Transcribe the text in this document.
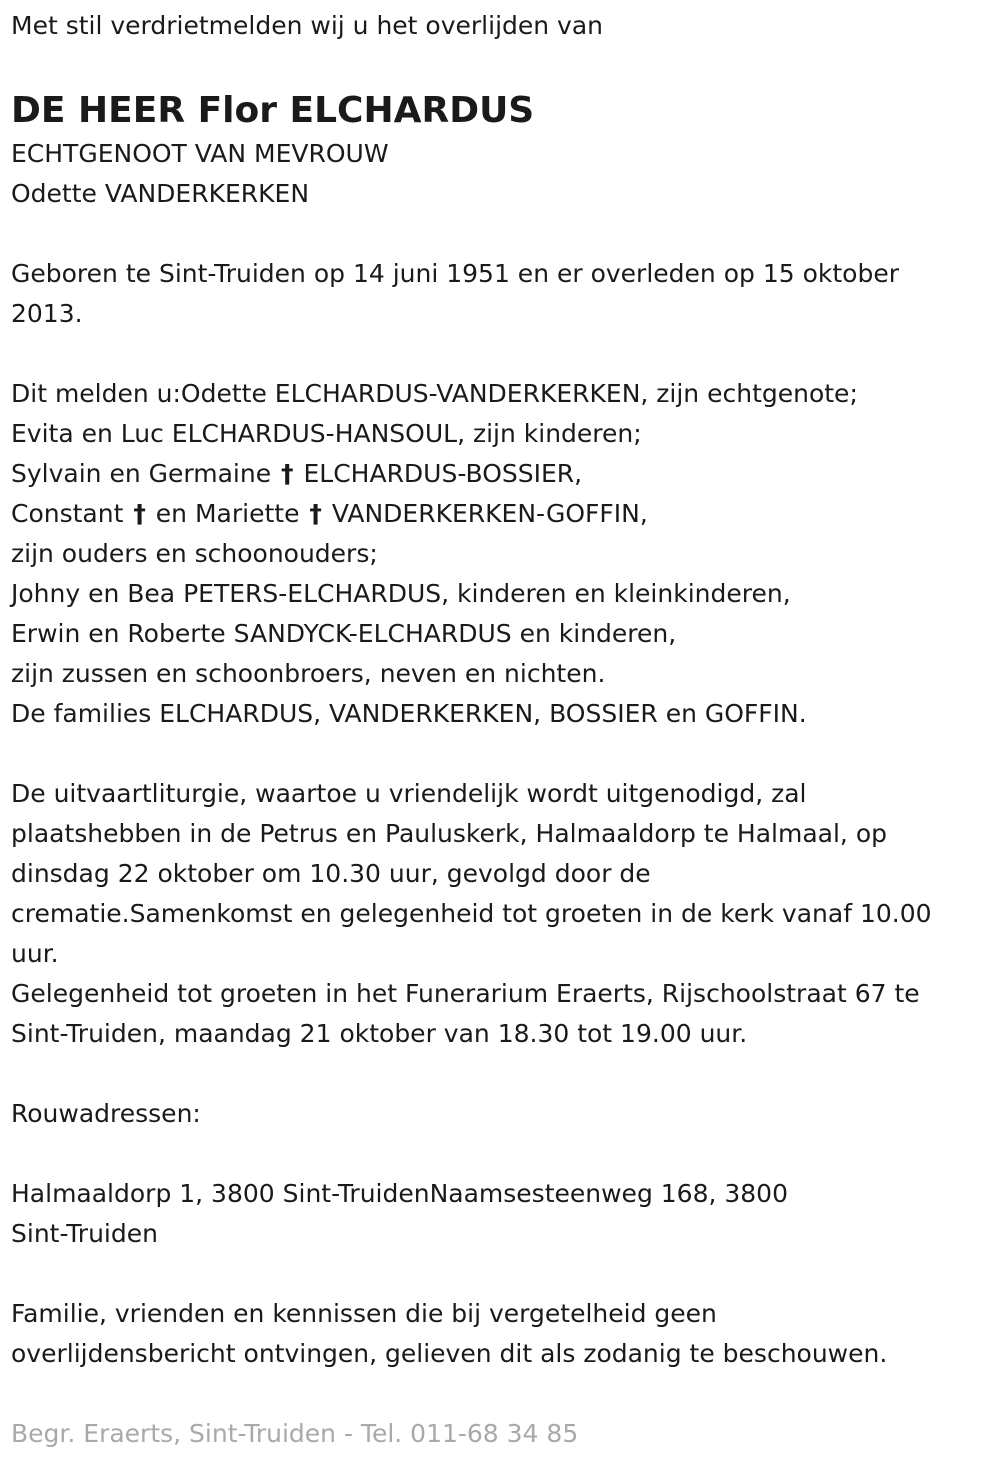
Met stil verdrietmelden wij u het overlijden van

DE HEER Flor ELCHARDUS

ECHTGENOOT VAN MEVROUW

Odette VANDERKERKEN

Geboren te Sint-Truiden op 14 juni 1951 en er overleden op 15 oktober

2013.

Dit melden u:Odette ELCHARDUS-VANDERKERKEN, zijn echtgenote;

Evita en Luc ELCHARDUS-HANSOUL, zijn kinderen;

Sylvain en Germaine † ELCHARDUS-BOSSIER,

Constant † en Mariette † VANDERKERKEN-GOFFIN,

zijn ouders en schoonouders;

Johny en Bea PETERS-ELCHARDUS, kinderen en kleinkinderen,

Erwin en Roberte SANDYCK-ELCHARDUS en kinderen,

zijn zussen en schoonbroers, neven en nichten.

De families ELCHARDUS, VANDERKERKEN, BOSSIER en GOFFIN.

De uitvaartliturgie, waartoe u vriendelijk wordt uitgenodigd, zal

plaatshebben in de Petrus en Pauluskerk, Halmaaldorp te Halmaal, op

dinsdag 22 oktober om 10.30 uur, gevolgd door de

crematie.Samenkomst en gelegenheid tot groeten in de kerk vanaf 10.00

uur.

Gelegenheid tot groeten in het Funerarium Eraerts, Rijschoolstraat 67 te

Sint-Truiden, maandag 21 oktober van 18.30 tot 19.00 uur.

Rouwadressen:

Halmaaldorp 1, 3800 Sint-TruidenNaamsesteenweg 168, 3800

Sint-Truiden

Familie, vrienden en kennissen die bij vergetelheid geen

overlijdensbericht ontvingen, gelieven dit als zodanig te beschouwen.

Begr. Eraerts, Sint-Truiden - Tel. 011-68 34 85
